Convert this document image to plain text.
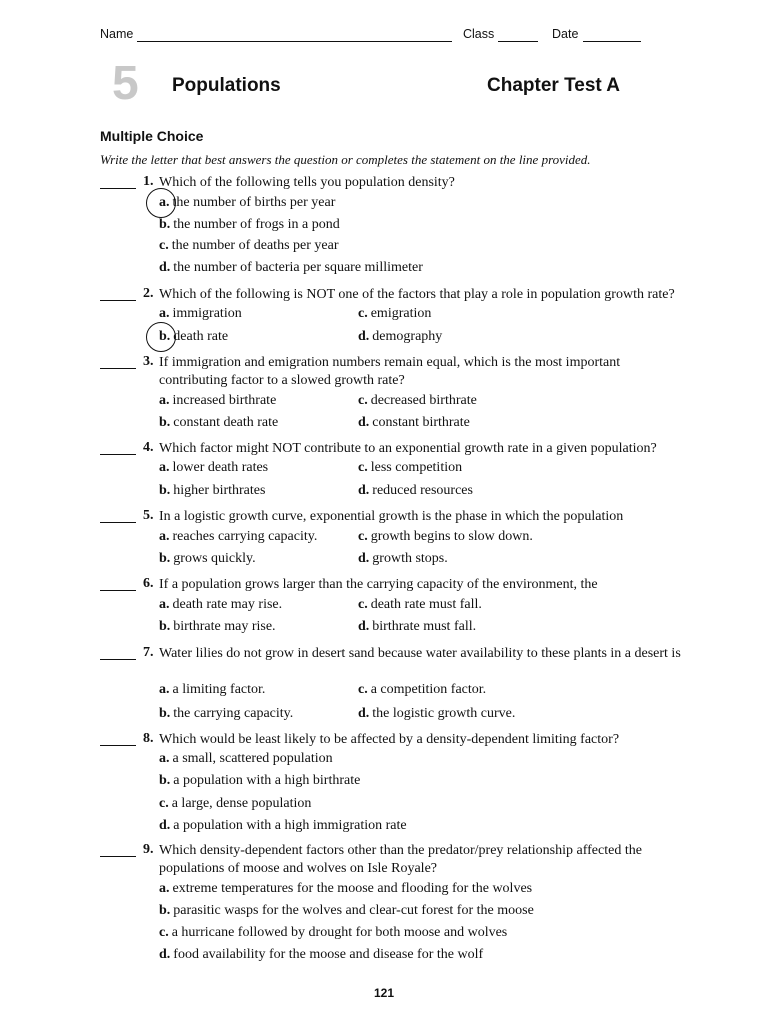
Name	Class	Date
5 Populations	Chapter Test A
Multiple Choice
Write the letter that best answers the question or completes the statement on the line provided.
1. Which of the following tells you population density?
a. the number of births per year
b. the number of frogs in a pond
c. the number of deaths per year
d. the number of bacteria per square millimeter
2. Which of the following is NOT one of the factors that play a role in population growth rate?
a. immigration	c. emigration
b. death rate	d. demography
3. If immigration and emigration numbers remain equal, which is the most important contributing factor to a slowed growth rate?
a. increased birthrate	c. decreased birthrate
b. constant death rate	d. constant birthrate
4. Which factor might NOT contribute to an exponential growth rate in a given population?
a. lower death rates	c. less competition
b. higher birthrates	d. reduced resources
5. In a logistic growth curve, exponential growth is the phase in which the population
a. reaches carrying capacity.	c. growth begins to slow down.
b. grows quickly.	d. growth stops.
6. If a population grows larger than the carrying capacity of the environment, the
a. death rate may rise.	c. death rate must fall.
b. birthrate may rise.	d. birthrate must fall.
7. Water lilies do not grow in desert sand because water availability to these plants in a desert is
a. a limiting factor.	c. a competition factor.
b. the carrying capacity.	d. the logistic growth curve.
8. Which would be least likely to be affected by a density-dependent limiting factor?
a. a small, scattered population
b. a population with a high birthrate
c. a large, dense population
d. a population with a high immigration rate
9. Which density-dependent factors other than the predator/prey relationship affected the populations of moose and wolves on Isle Royale?
a. extreme temperatures for the moose and flooding for the wolves
b. parasitic wasps for the wolves and clear-cut forest for the moose
c. a hurricane followed by drought for both moose and wolves
d. food availability for the moose and disease for the wolf
121
